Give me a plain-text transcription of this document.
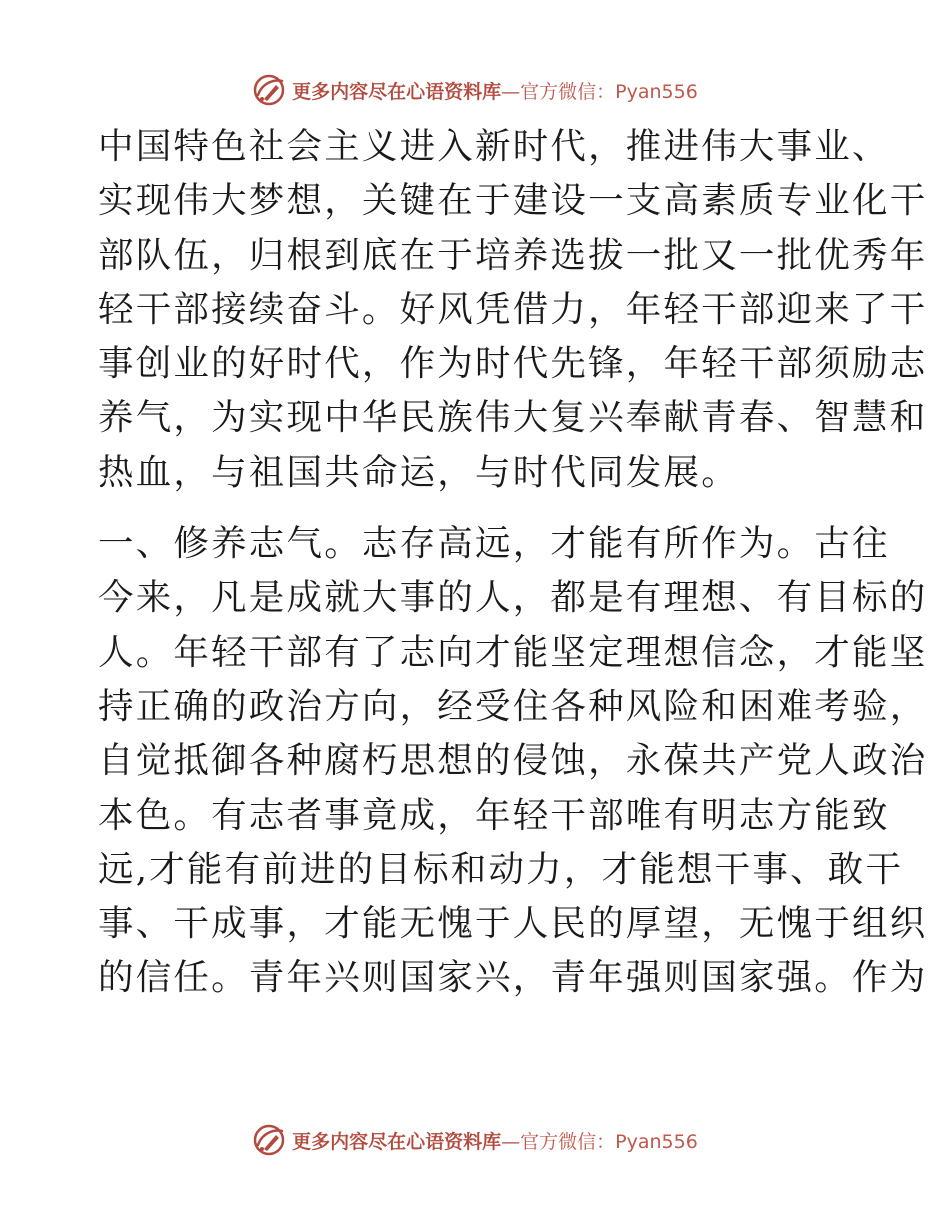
更多内容尽在心语资料库—官方微信：Pyan556

中国特色社会主义进入新时代，推进伟大事业、
实现伟大梦想，关键在于建设一支高素质专业化干
部队伍，归根到底在于培养选拔一批又一批优秀年
轻干部接续奋斗。好风凭借力，年轻干部迎来了干
事创业的好时代，作为时代先锋，年轻干部须励志
养气，为实现中华民族伟大复兴奉献青春、智慧和
热血，与祖国共命运，与时代同发展。

一、修养志气。志存高远，才能有所作为。古往
今来，凡是成就大事的人，都是有理想、有目标的
人。年轻干部有了志向才能坚定理想信念，才能坚
持正确的政治方向，经受住各种风险和困难考验，
自觉抵御各种腐朽思想的侵蚀，永葆共产党人政治
本色。有志者事竟成，年轻干部唯有明志方能致
远,才能有前进的目标和动力，才能想干事、敢干
事、干成事，才能无愧于人民的厚望，无愧于组织
的信任。青年兴则国家兴，青年强则国家强。作为

更多内容尽在心语资料库—官方微信：Pyan556
